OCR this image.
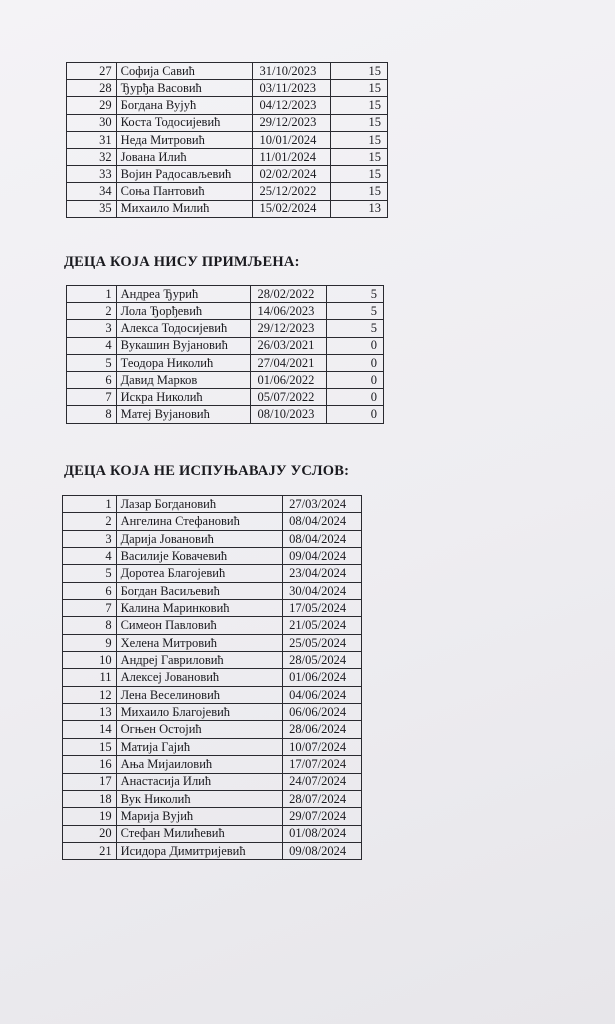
27	Софија Савић	31/10/2023	15
28	Ђурђа Васовић	03/11/2023	15
29	Богдана Вујућ	04/12/2023	15
30	Коста Тодосијевић	29/12/2023	15
31	Неда Митровић	10/01/2024	15
32	Јована Илић	11/01/2024	15
33	Војин Радосављевић	02/02/2024	15
34	Соња Пантовић	25/12/2022	15
35	Михаило Милић	15/02/2024	13
ДЕЦА КОЈА НИСУ ПРИМЉЕНА:
1	Андреа Ђурић	28/02/2022	5
2	Лола Ђорђевић	14/06/2023	5
3	Алекса Тодосијевић	29/12/2023	5
4	Вукашин Вујановић	26/03/2021	0
5	Теодора Николић	27/04/2021	0
6	Давид Марков	01/06/2022	0
7	Искра Николић	05/07/2022	0
8	Матеј Вујановић	08/10/2023	0
ДЕЦА КОЈА НЕ ИСПУЊАВАЈУ УСЛОВ:
1	Лазар Богдановић	27/03/2024
2	Ангелина Стефановић	08/04/2024
3	Дарија Јовановић	08/04/2024
4	Василије Ковачевић	09/04/2024
5	Доротеа Благојевић	23/04/2024
6	Богдан Васиљевић	30/04/2024
7	Калина Маринковић	17/05/2024
8	Симеон Павловић	21/05/2024
9	Хелена Митровић	25/05/2024
10	Андреј Гавриловић	28/05/2024
11	Алексеј Јовановић	01/06/2024
12	Лена Веселиновић	04/06/2024
13	Михаило Благојевић	06/06/2024
14	Огњен Остојић	28/06/2024
15	Матија Гајић	10/07/2024
16	Ања Мијаиловић	17/07/2024
17	Анастасија Илић	24/07/2024
18	Вук Николић	28/07/2024
19	Марија Вујић	29/07/2024
20	Стефан Милићевић	01/08/2024
21	Исидора Димитријевић	09/08/2024
